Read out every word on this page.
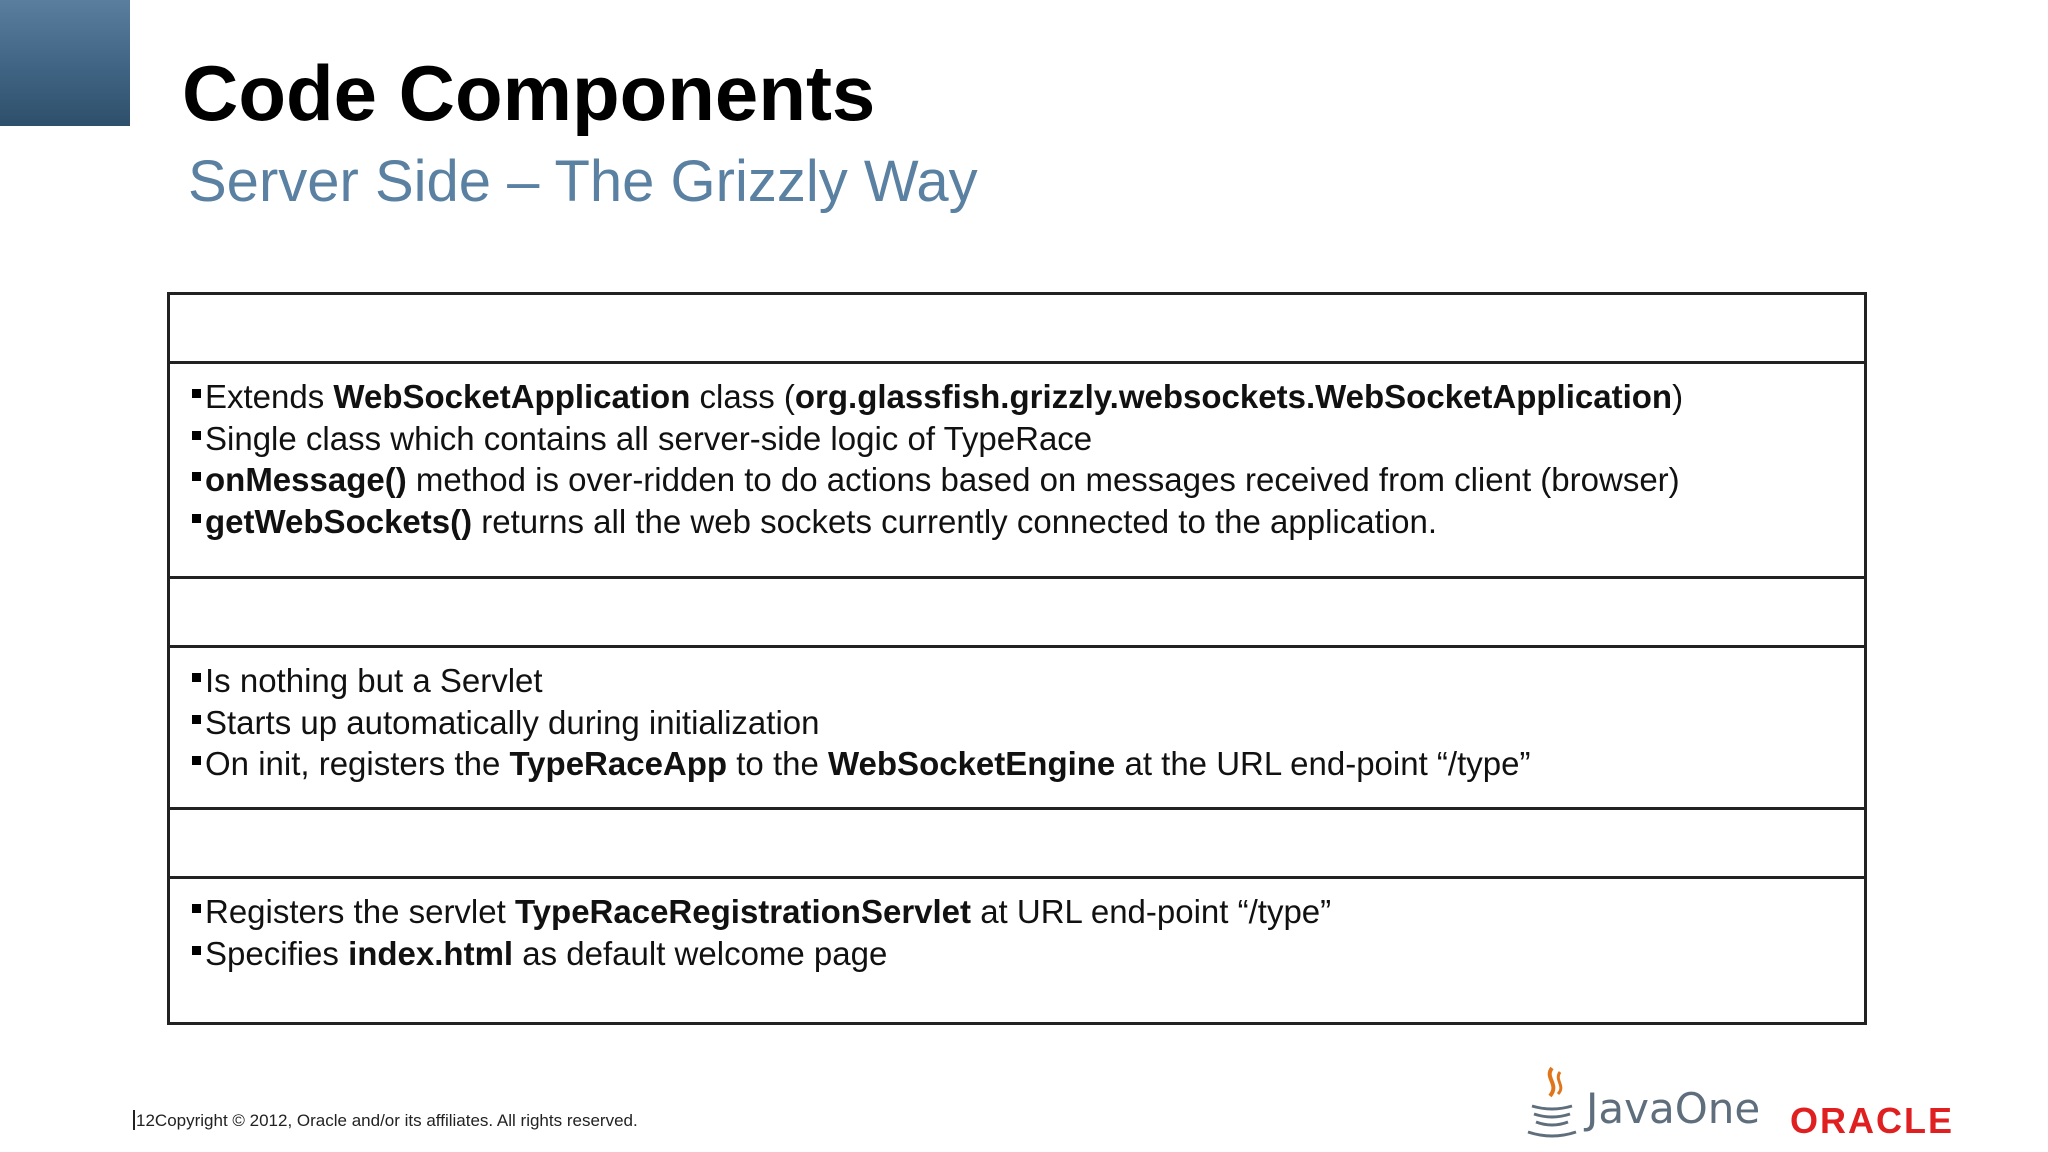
Code Components
Server Side – The Grizzly Way
Extends WebSocketApplication class (org.glassfish.grizzly.websockets.WebSocketApplication)
Single class which contains all server-side logic of TypeRace
onMessage() method is over-ridden to do actions based on messages received from client (browser)
getWebSockets() returns all the web sockets currently connected to the application.
Is nothing but a Servlet
Starts up automatically during initialization
On init, registers the TypeRaceApp to the WebSocketEngine at the URL end-point “/type”
Registers the servlet TypeRaceRegistrationServlet at URL end-point “/type”
Specifies index.html as default welcome page
12Copyright © 2012, Oracle and/or its affiliates. All rights reserved.	JavaOne ORACLE
